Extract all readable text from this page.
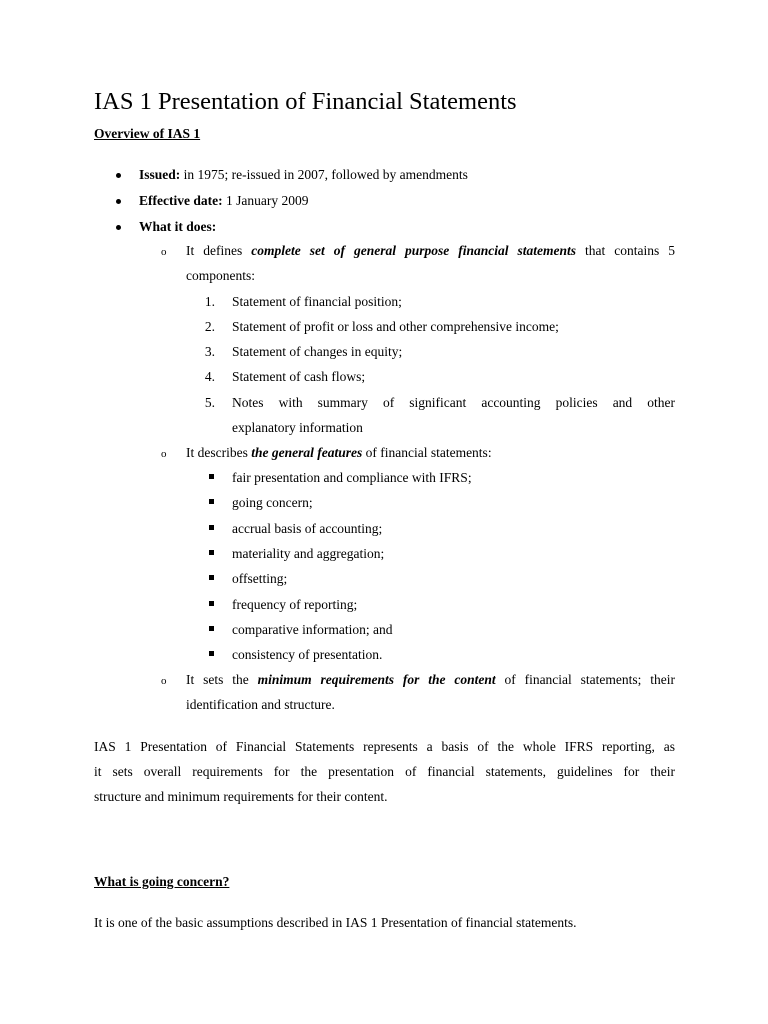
IAS 1 Presentation of Financial Statements
Overview of IAS 1
Issued: in 1975; re-issued in 2007, followed by amendments
Effective date: 1 January 2009
What it does:
o It defines complete set of general purpose financial statements that contains 5
components:
1. Statement of financial position;
2. Statement of profit or loss and other comprehensive income;
3. Statement of changes in equity;
4. Statement of cash flows;
5. Notes with summary of significant accounting policies and other
explanatory information
o It describes the general features of financial statements:
fair presentation and compliance with IFRS;
going concern;
accrual basis of accounting;
materiality and aggregation;
offsetting;
frequency of reporting;
comparative information; and
consistency of presentation.
o It sets the minimum requirements for the content of financial statements; their
identification and structure.
IAS 1 Presentation of Financial Statements represents a basis of the whole IFRS reporting, as
it sets overall requirements for the presentation of financial statements, guidelines for their
structure and minimum requirements for their content.
What is going concern?
It is one of the basic assumptions described in IAS 1 Presentation of financial statements.
